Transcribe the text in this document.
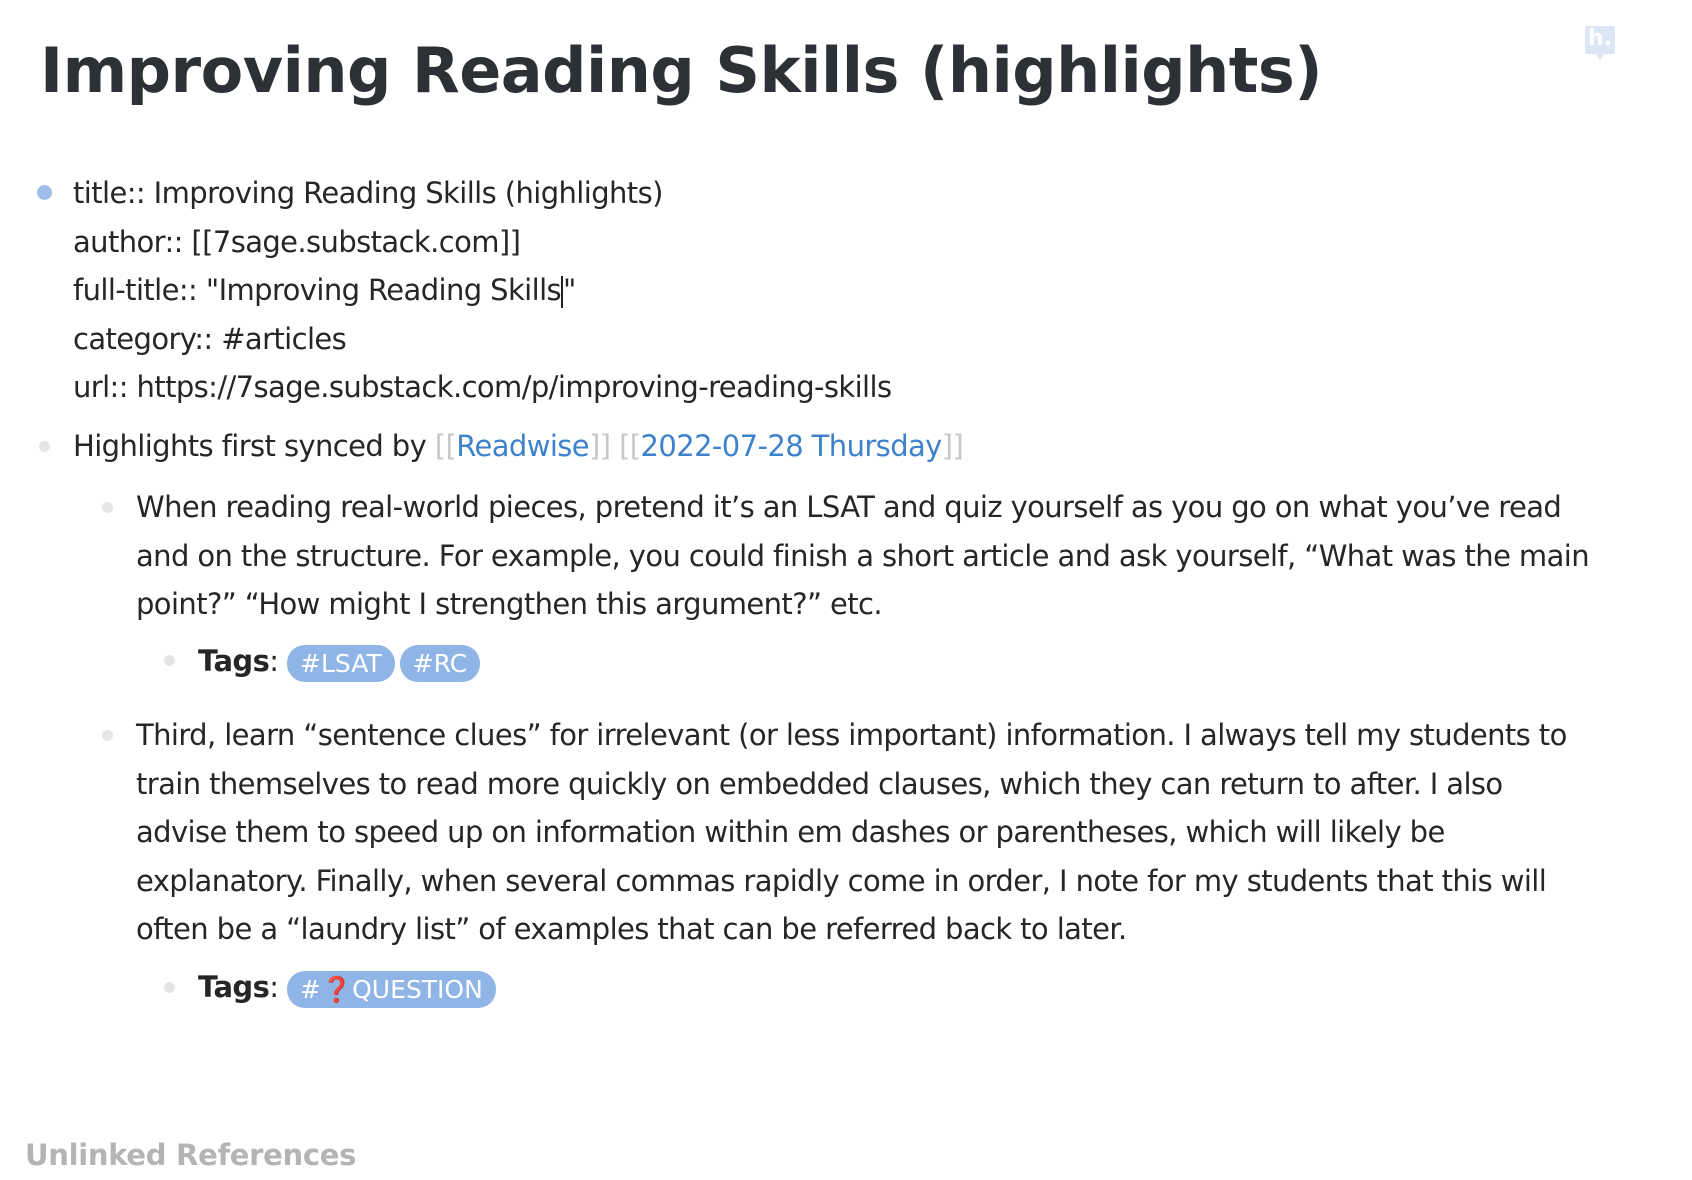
Improving Reading Skills (highlights)	h.
title:: Improving Reading Skills (highlights)
author:: [[7sage.substack.com]]
full-title:: "Improving Reading Skills"
category:: #articles
url:: https://7sage.substack.com/p/improving-reading-skills
Highlights first synced by [[Readwise]] [[2022-07-28 Thursday]]
When reading real-world pieces, pretend it’s an LSAT and quiz yourself as you go on what you’ve read
and on the structure. For example, you could finish a short article and ask yourself, “What was the main
point?” “How might I strengthen this argument?” etc.
Tags: #LSAT #RC
Third, learn “sentence clues” for irrelevant (or less important) information. I always tell my students to
train themselves to read more quickly on embedded clauses, which they can return to after. I also
advise them to speed up on information within em dashes or parentheses, which will likely be
explanatory. Finally, when several commas rapidly come in order, I note for my students that this will
often be a “laundry list” of examples that can be referred back to later.
Tags: #❓QUESTION
Unlinked References
